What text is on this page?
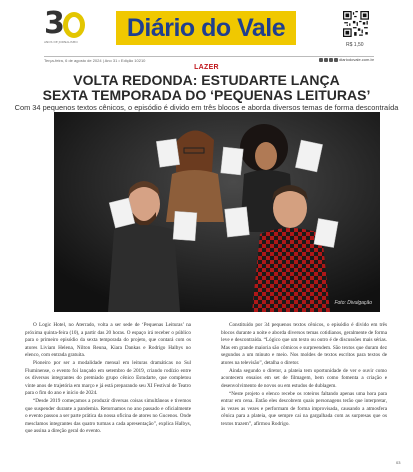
3
ANOS DE JORNALISMO	Diário do Vale
R$ 1,50
Terça-feira, 6 de agosto de 2024 | Ano 31 • Edição 10210	diariodovale.com.br
LAZER
VOLTA REDONDA: ESTUDARTE LANÇA
SEXTA TEMPORADA DO ‘PEQUENAS LEITURAS’
Com 34 pequenos textos cênicos, o episódio é divido em três blocos e aborda diversos temas de forma descontraída
Foto: Divulgação

O Logic Hotel, no Aterrado, volta a ser sede de ‘Pequenas Leituras’ na próxima quinta-feira (10), a partir das 20 horas. O espaço irá receber o público para o primeiro episódio da sexta temporada do projeto, que contará com os atores Liviam Helena, Nilton Reuna, Kiara Dankas e Rodrigo Halbys no elenco, com entrada gratuita.

Pioneiro por ser a modalidade mensal em leituras dramáticas no Sul Fluminense, o evento foi lançado em setembro de 2019, criando rodízio entre os diversos integrantes do premiado grupo cênico Estudarte, que completou vinte anos de trajetória em março e já está preparando seu XI Festival de Teatro para o fim do ano e início de 2024.

“Desde 2019 começamos a produzir diversas coisas simultâneas e tivemos que suspender durante a pandemia. Retornamos no ano passado e oficialmente o evento passou a ser parte prática da nossa oficina de atores no Gucenos. Onde mesclamos integrantes das quatro turmas a cada apresentação”, explica Halbys, que assina a direção geral do evento.

Constituído por 34 pequenos textos cênicos, o episódio é divido em três blocos durante a noite e aborda diversos temas cotidianos, geralmente de forma leve e descontraída. “Lógico que um texto ou outro é de discussões mais sérias. Mas em grande maioria são cômicos e surpreendem. São textos que duram dez segundos a um minuto e meio. Nos moldes de textos escritos para textos de atores na televisão”, detalha o diretor.

Ainda segundo o diretor, a plateia tem oportunidade de ver e ouvir como acontecem ensaios em set de filmagem, bem como fomenta a criação e desenvolvimento de novos ou em estudos de dublagem.

“Neste projeto o elenco recebe os roteiros faltando apenas uma hora para entrar em cena. Então eles descobrem quais personagens terão que interpretar, às vezes as vezes e performam de forma improvisada, causando a atmosfera cênica para a plateia, que sempre cai na gargalhada com as surpresas que os textos trazem”, afirmou Rodrigo.

03
